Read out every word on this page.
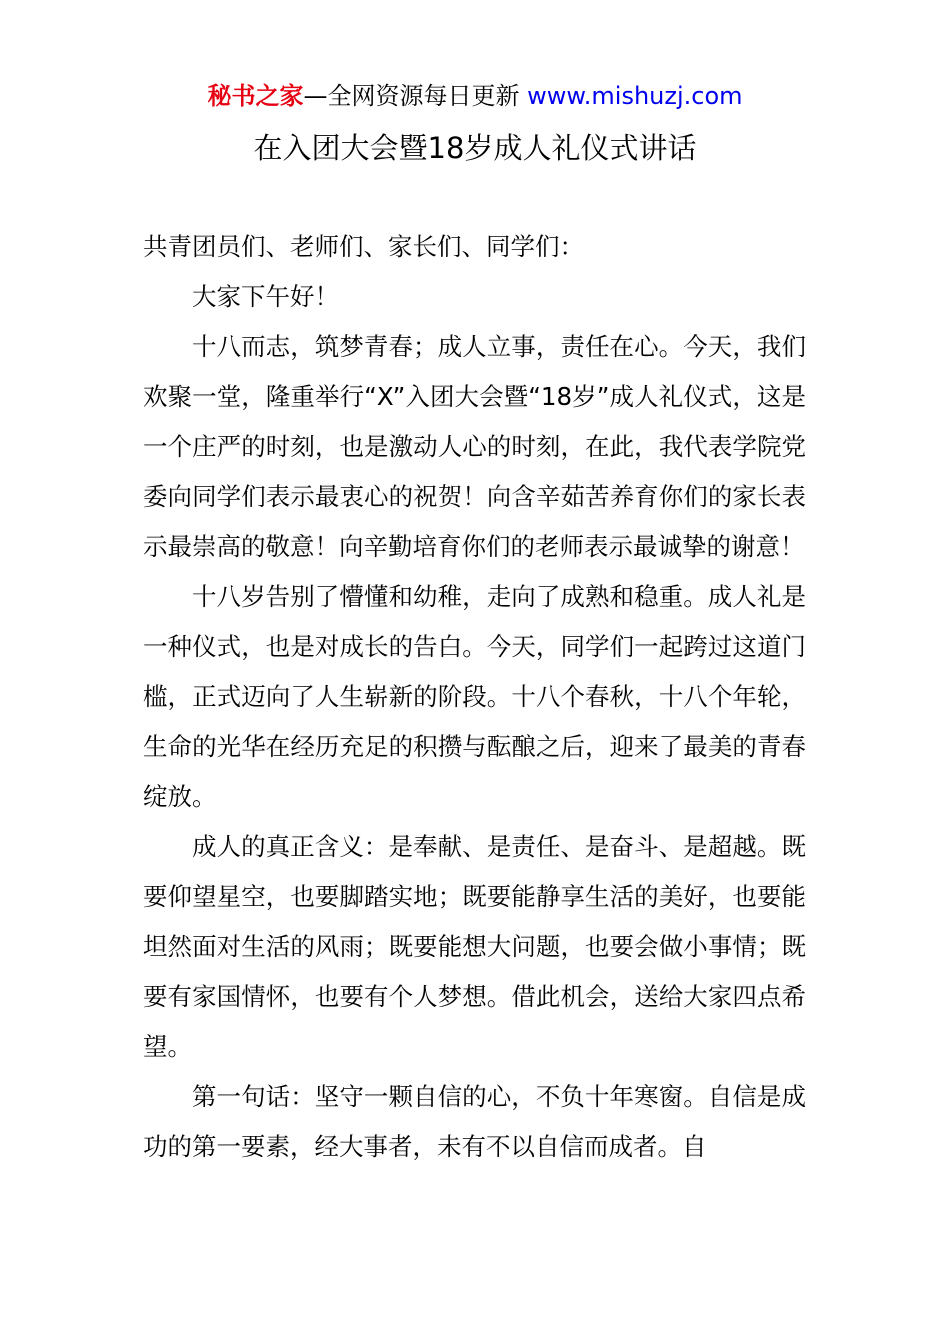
秘书之家—全网资源每日更新 www.mishuzj.com
在入团大会暨18岁成人礼仪式讲话

共青团员们、老师们、家长们、同学们：

大家下午好！

十八而志，筑梦青春；成人立事，责任在心。今天，我们欢聚一堂，隆重举行“X”入团大会暨“18岁”成人礼仪式，这是一个庄严的时刻，也是激动人心的时刻，在此，我代表学院党委向同学们表示最衷心的祝贺！向含辛茹苦养育你们的家长表示最崇高的敬意！向辛勤培育你们的老师表示最诚挚的谢意！

十八岁告别了懵懂和幼稚，走向了成熟和稳重。成人礼是一种仪式，也是对成长的告白。今天，同学们一起跨过这道门槛，正式迈向了人生崭新的阶段。十八个春秋，十八个年轮，生命的光华在经历充足的积攒与酝酿之后，迎来了最美的青春绽放。

成人的真正含义：是奉献、是责任、是奋斗、是超越。既要仰望星空，也要脚踏实地；既要能静享生活的美好，也要能坦然面对生活的风雨；既要能想大问题，也要会做小事情；既要有家国情怀，也要有个人梦想。借此机会，送给大家四点希望。

第一句话：坚守一颗自信的心，不负十年寒窗。自信是成功的第一要素，经大事者，未有不以自信而成者。自
